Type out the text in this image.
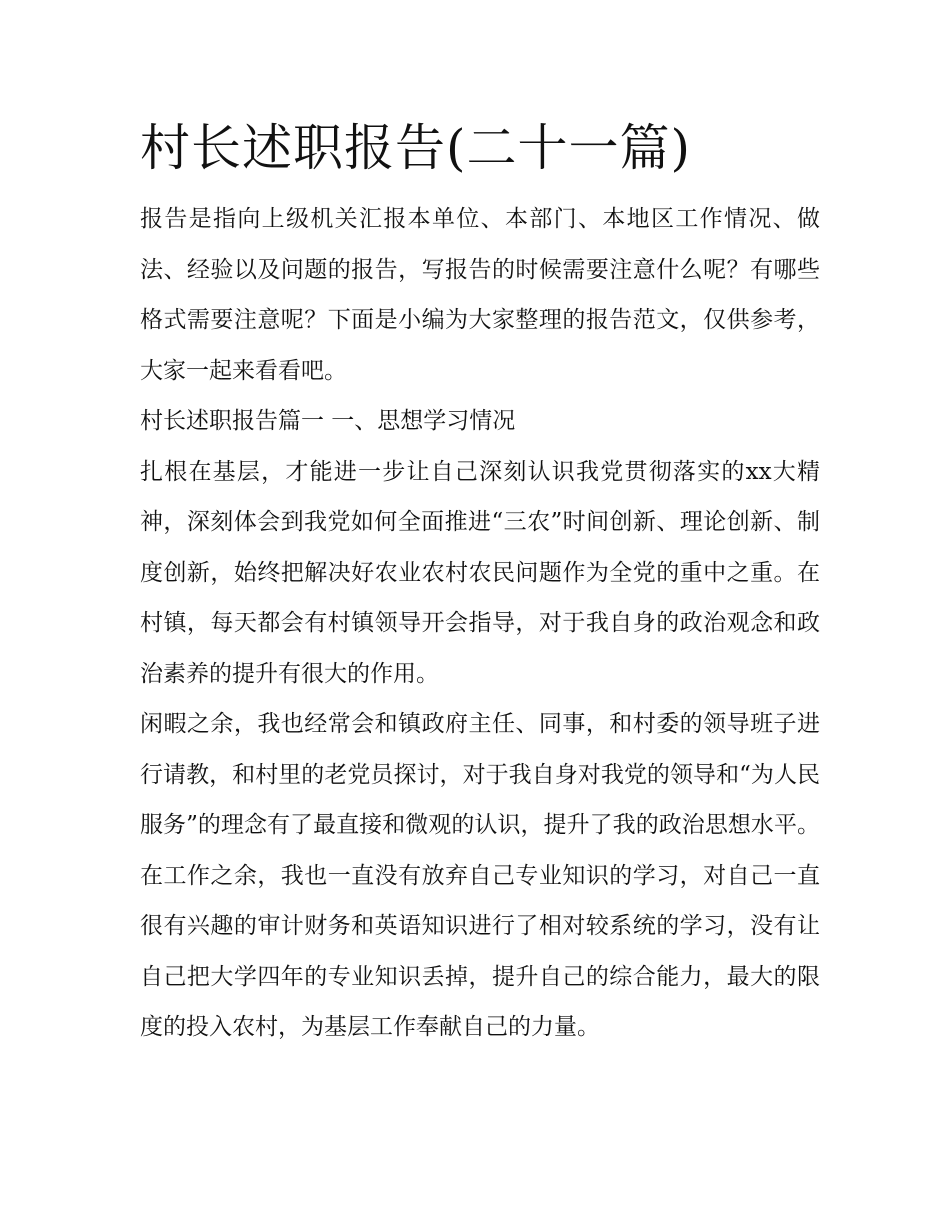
村长述职报告(二十一篇)

报告是指向上级机关汇报本单位、本部门、本地区工作情况、做法、经验以及问题的报告，写报告的时候需要注意什么呢？有哪些格式需要注意呢？下面是小编为大家整理的报告范文，仅供参考，大家一起来看看吧。

村长述职报告篇一 一、思想学习情况

扎根在基层，才能进一步让自己深刻认识我党贯彻落实的xx大精神，深刻体会到我党如何全面推进“三农”时间创新、理论创新、制度创新，始终把解决好农业农村农民问题作为全党的重中之重。在村镇，每天都会有村镇领导开会指导，对于我自身的政治观念和政治素养的提升有很大的作用。

闲暇之余，我也经常会和镇政府主任、同事，和村委的领导班子进行请教，和村里的老党员探讨，对于我自身对我党的领导和“为人民服务”的理念有了最直接和微观的认识，提升了我的政治思想水平。在工作之余，我也一直没有放弃自己专业知识的学习，对自己一直很有兴趣的审计财务和英语知识进行了相对较系统的学习，没有让自己把大学四年的专业知识丢掉，提升自己的综合能力，最大的限度的投入农村，为基层工作奉献自己的力量。
